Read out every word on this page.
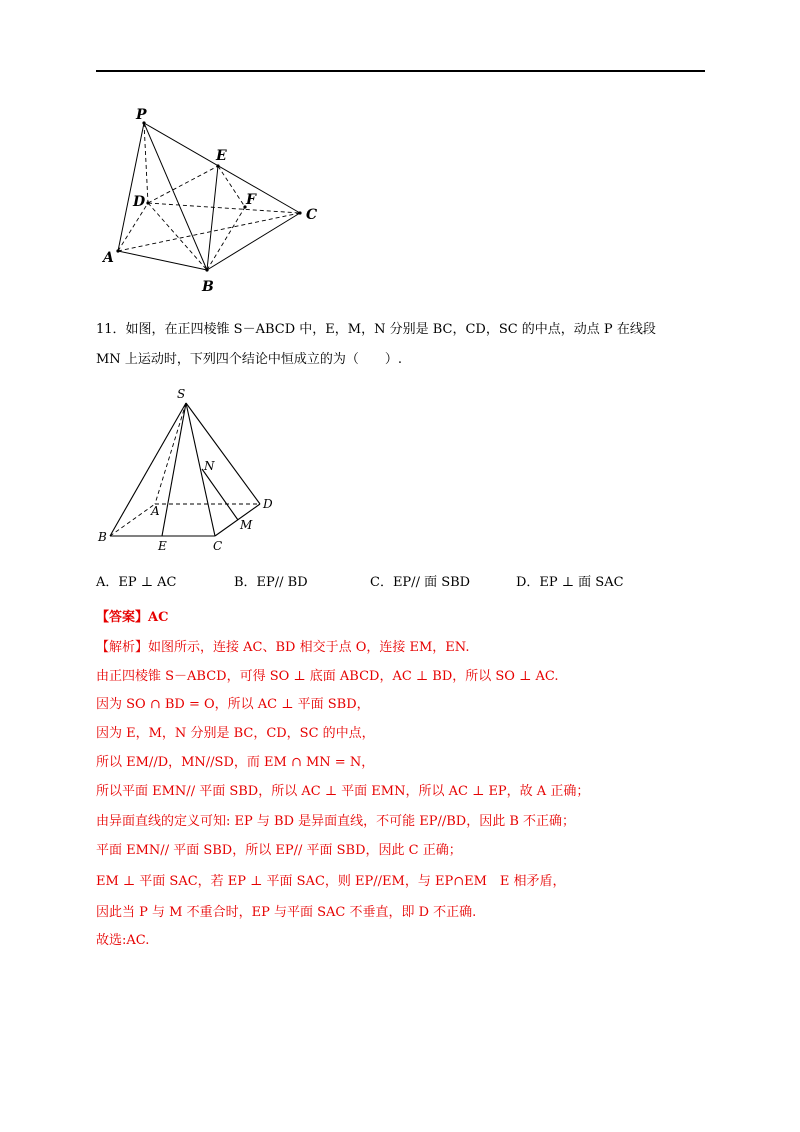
P
E
D	F
C
A
B
11．如图，在正四棱锥 S－ABCD 中，E，M，N 分别是 BC，CD，SC 的中点，动点 P 在线段
MN 上运动时，下列四个结论中恒成立的为（　　）.
S
N
D
A
M
B
E	C
A．EP ⊥ AC	B．EP// BD	C．EP// 面 SBD	D．EP ⊥ 面 SAC
【答案】AC
【解析】如图所示，连接 AC、BD 相交于点 O，连接 EM，EN.
由正四棱锥 S－ABCD，可得 SO ⊥ 底面 ABCD，AC ⊥ BD，所以 SO ⊥ AC.
因为 SO ∩ BD = O，所以 AC ⊥ 平面 SBD，
因为 E，M，N 分别是 BC，CD，SC 的中点，
所以 EM//D，MN//SD，而 EM ∩ MN = N，
所以平面 EMN// 平面 SBD，所以 AC ⊥ 平面 EMN，所以 AC ⊥ EP，故 A 正确；
由异面直线的定义可知: EP 与 BD 是异面直线，不可能 EP//BD，因此 B 不正确；
平面 EMN// 平面 SBD，所以 EP// 平面 SBD，因此 C 正确；
EM ⊥ 平面 SAC，若 EP ⊥ 平面 SAC，则 EP//EM，与 EP∩EM　E 相矛盾，
因此当 P 与 M 不重合时，EP 与平面 SAC 不垂直，即 D 不正确.
故选:AC.
